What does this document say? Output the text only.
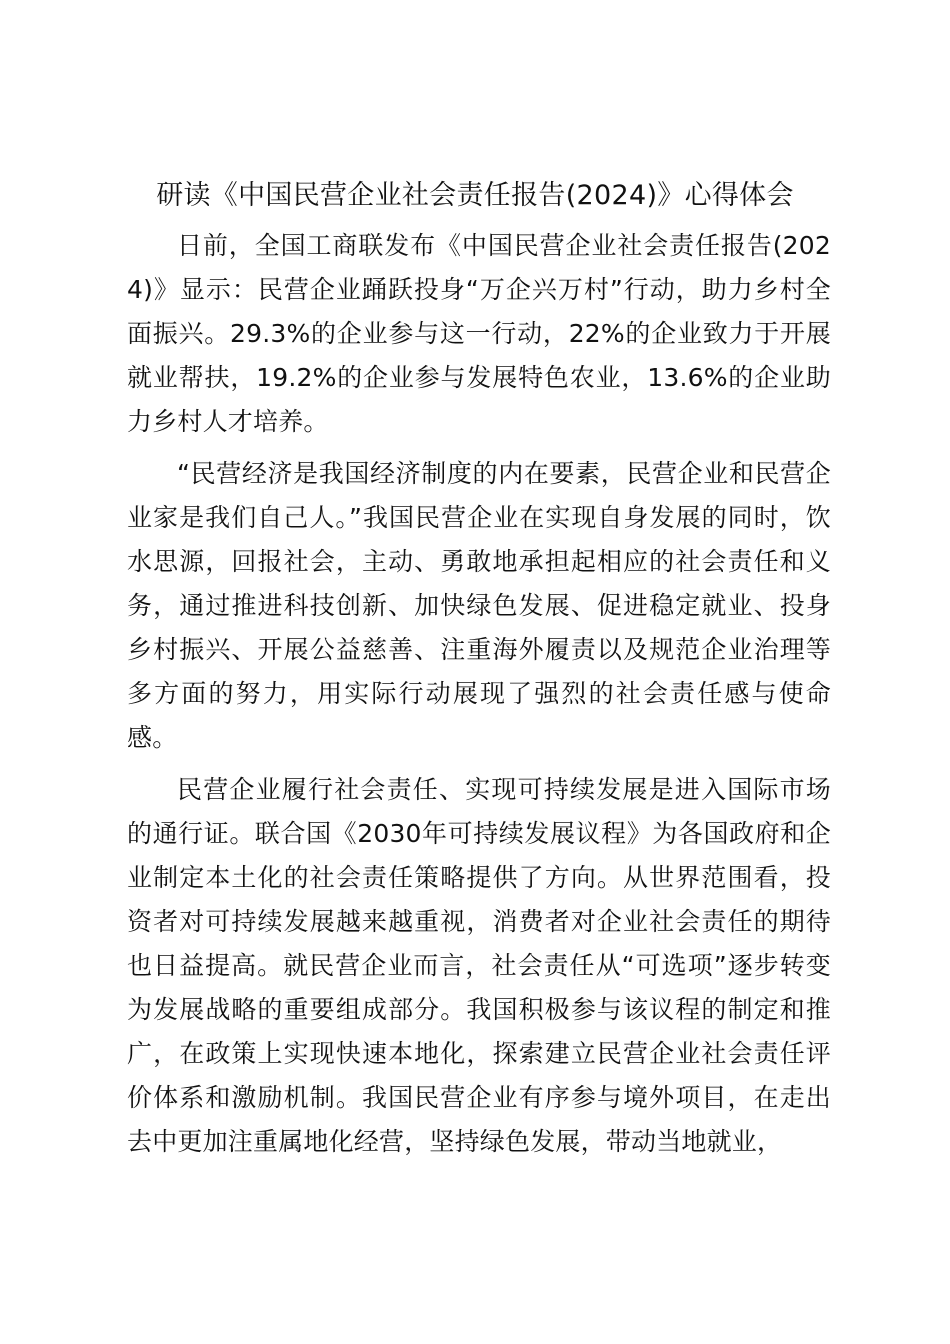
研读《中国民营企业社会责任报告(2024)》心得体会

日前，全国工商联发布《中国民营企业社会责任报告(2024)》显示：民营企业踊跃投身“万企兴万村”行动，助力乡村全面振兴。29.3%的企业参与这一行动，22%的企业致力于开展就业帮扶，19.2%的企业参与发展特色农业，13.6%的企业助力乡村人才培养。

“民营经济是我国经济制度的内在要素，民营企业和民营企业家是我们自己人。”我国民营企业在实现自身发展的同时，饮水思源，回报社会，主动、勇敢地承担起相应的社会责任和义务，通过推进科技创新、加快绿色发展、促进稳定就业、投身乡村振兴、开展公益慈善、注重海外履责以及规范企业治理等多方面的努力，用实际行动展现了强烈的社会责任感与使命感。

民营企业履行社会责任、实现可持续发展是进入国际市场的通行证。联合国《2030年可持续发展议程》为各国政府和企业制定本土化的社会责任策略提供了方向。从世界范围看，投资者对可持续发展越来越重视，消费者对企业社会责任的期待也日益提高。就民营企业而言，社会责任从“可选项”逐步转变为发展战略的重要组成部分。我国积极参与该议程的制定和推广，在政策上实现快速本地化，探索建立民营企业社会责任评价体系和激励机制。我国民营企业有序参与境外项目，在走出去中更加注重属地化经营，坚持绿色发展，带动当地就业，
